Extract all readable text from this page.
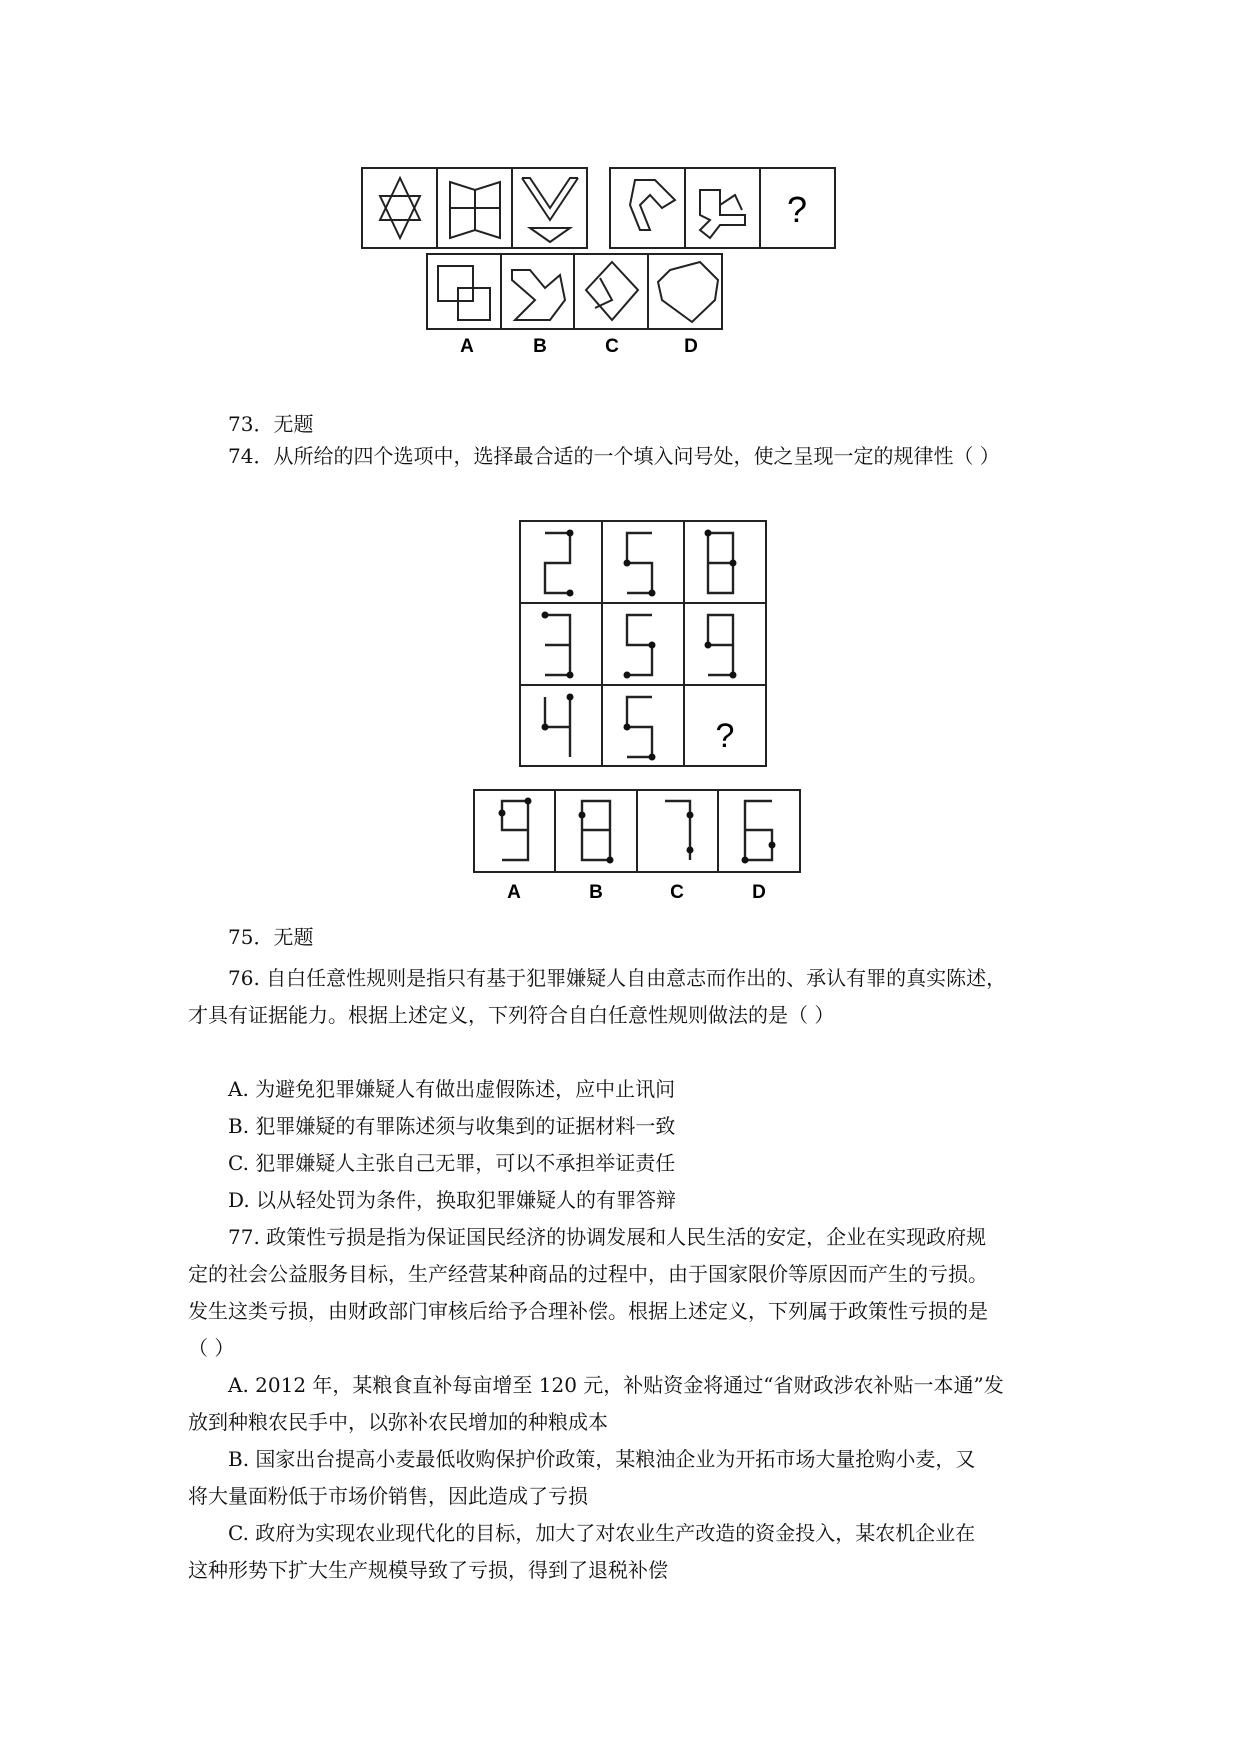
?
A	B	C	D
73．无题
74．从所给的四个选项中，选择最合适的一个填入问号处，使之呈现一定的规律性（ ）
?
A	B	C	D
75．无题
76. 自白任意性规则是指只有基于犯罪嫌疑人自由意志而作出的、承认有罪的真实陈述，
才具有证据能力。根据上述定义，下列符合自白任意性规则做法的是（ ）
A. 为避免犯罪嫌疑人有做出虚假陈述，应中止讯问
B. 犯罪嫌疑的有罪陈述须与收集到的证据材料一致
C. 犯罪嫌疑人主张自己无罪，可以不承担举证责任
D. 以从轻处罚为条件，换取犯罪嫌疑人的有罪答辩
77. 政策性亏损是指为保证国民经济的协调发展和人民生活的安定，企业在实现政府规
定的社会公益服务目标，生产经营某种商品的过程中，由于国家限价等原因而产生的亏损。
发生这类亏损，由财政部门审核后给予合理补偿。根据上述定义，下列属于政策性亏损的是
（ ）
A. 2012 年，某粮食直补每亩增至 120 元，补贴资金将通过“省财政涉农补贴一本通”发
放到种粮农民手中，以弥补农民增加的种粮成本
B. 国家出台提高小麦最低收购保护价政策，某粮油企业为开拓市场大量抢购小麦，又
将大量面粉低于市场价销售，因此造成了亏损
C. 政府为实现农业现代化的目标，加大了对农业生产改造的资金投入，某农机企业在
这种形势下扩大生产规模导致了亏损，得到了退税补偿
